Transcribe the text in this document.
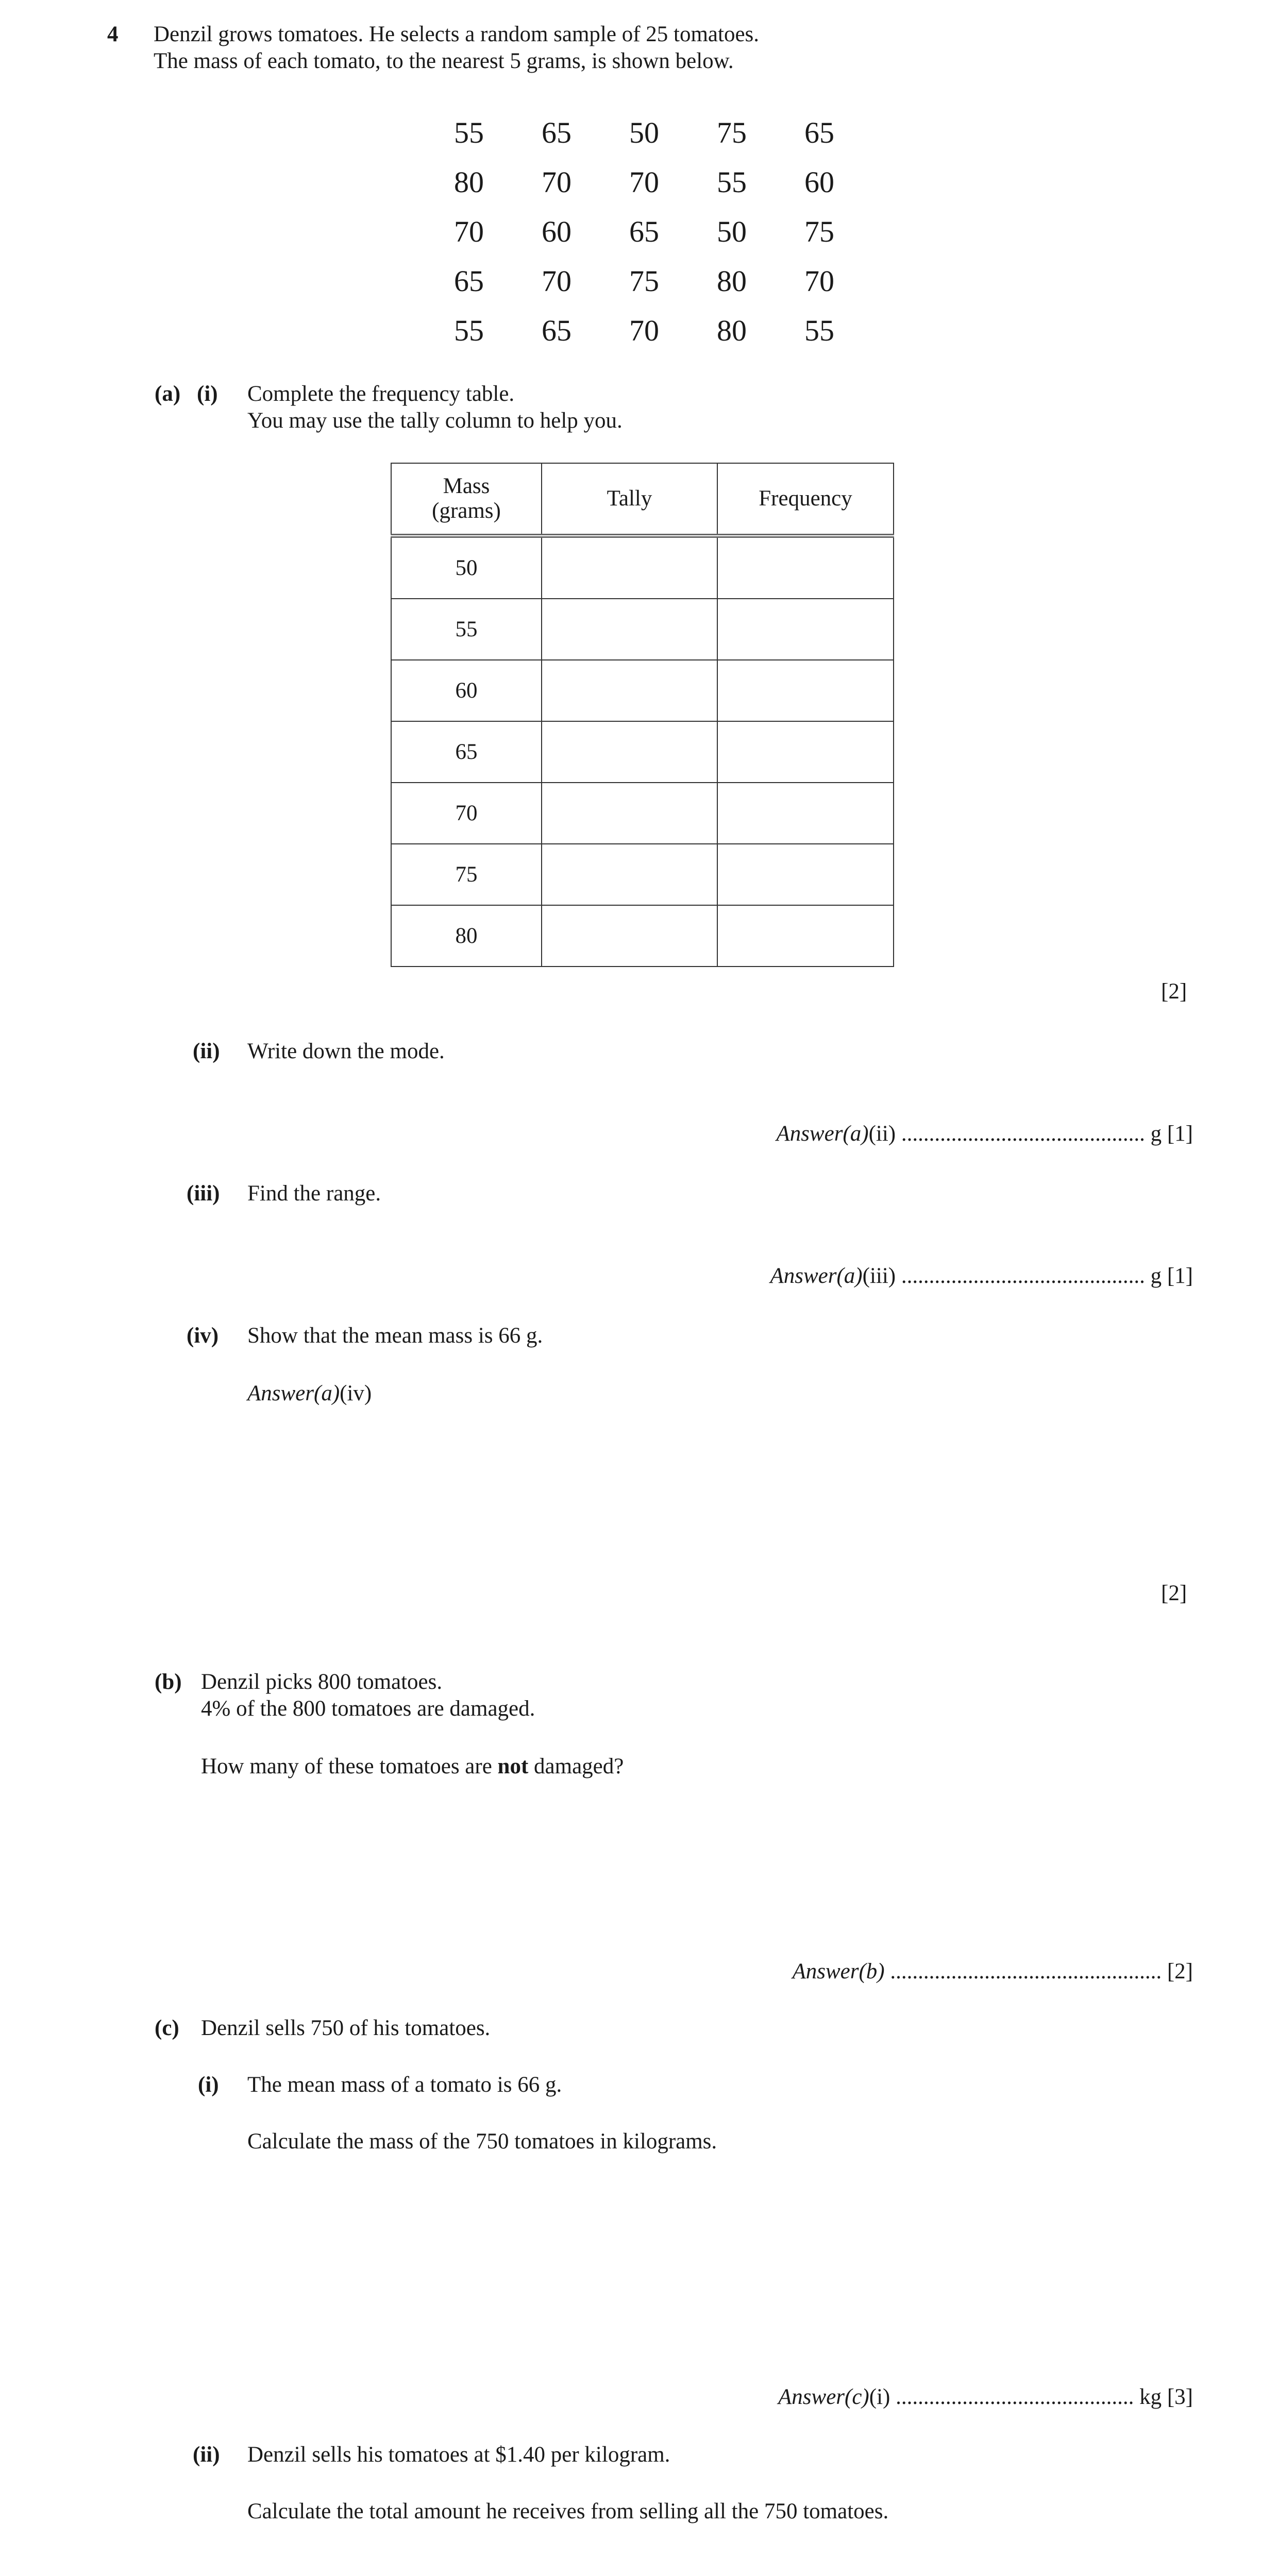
4 Denzil grows tomatoes. He selects a random sample of 25 tomatoes.
The mass of each tomato, to the nearest 5 grams, is shown below.
55	65	50	75	65
80	70	70	55	60
70	60	65	50	75
65	70	75	80	70
55	65	70	80	55
(a) (i) Complete the frequency table.
You may use the tally column to help you.
Mass
(grams)	Tally	Frequency
50		
55		
60		
65		
70		
75		
80		
[2]
(ii) Write down the mode.
Answer(a)(ii) ............................................ g [1]
(iii) Find the range.
Answer(a)(iii) ............................................ g [1]
(iv) Show that the mean mass is 66 g.
Answer(a)(iv)
[2]
(b) Denzil picks 800 tomatoes.
4% of the 800 tomatoes are damaged.
How many of these tomatoes are not damaged?
Answer(b) ................................................. [2]
(c) Denzil sells 750 of his tomatoes.
(i) The mean mass of a tomato is 66 g.
Calculate the mass of the 750 tomatoes in kilograms.
Answer(c)(i) ........................................... kg [3]
(ii) Denzil sells his tomatoes at $1.40 per kilogram.
Calculate the total amount he receives from selling all the 750 tomatoes.
